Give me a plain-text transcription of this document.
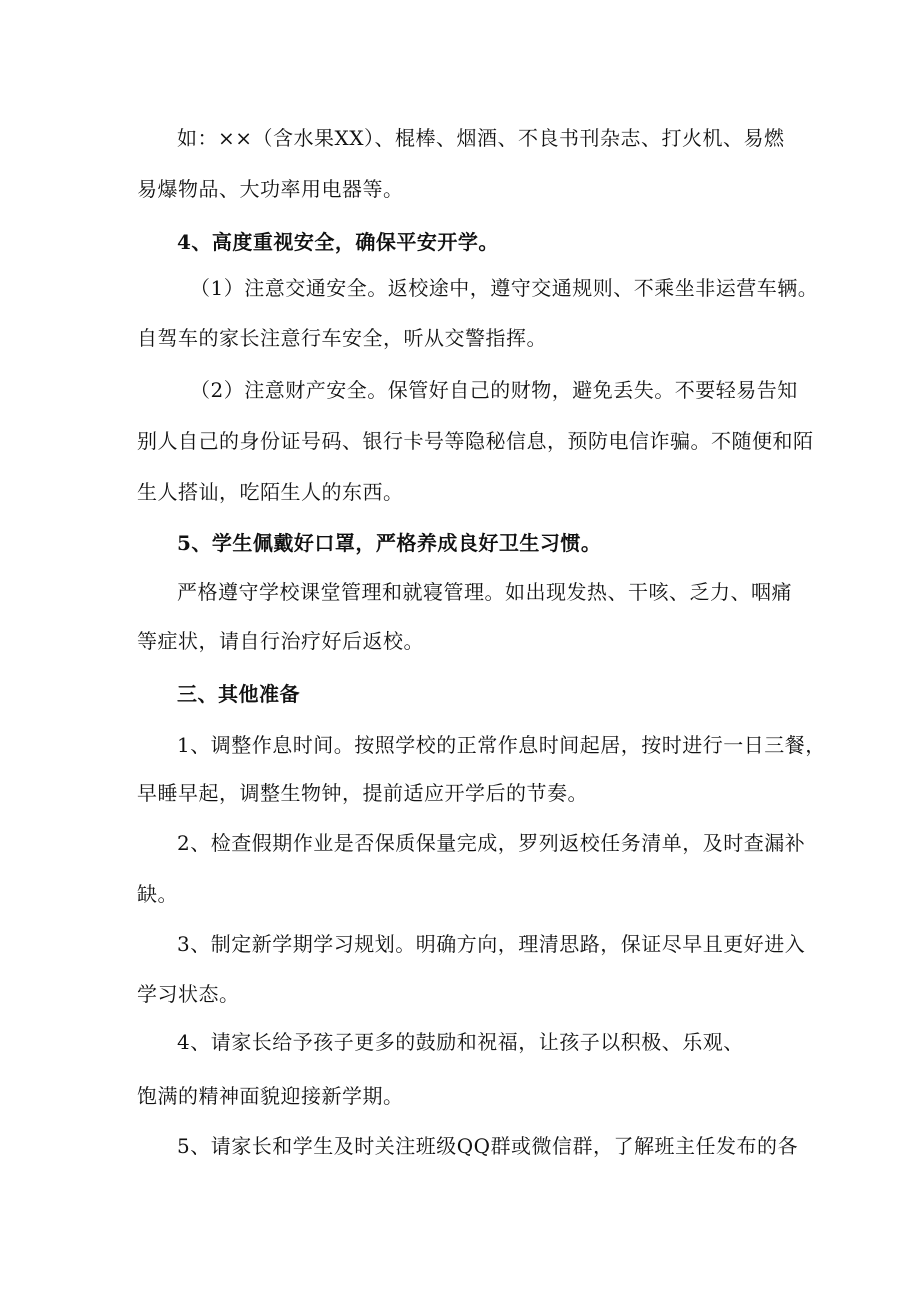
如：××（含水果XX）、棍棒、烟酒、不良书刊杂志、打火机、易燃
易爆物品、大功率用电器等。
4、高度重视安全，确保平安开学。
（1）注意交通安全。返校途中，遵守交通规则、不乘坐非运营车辆。
自驾车的家长注意行车安全，听从交警指挥。
（2）注意财产安全。保管好自己的财物，避免丢失。不要轻易告知
别人自己的身份证号码、银行卡号等隐秘信息，预防电信诈骗。不随便和陌
生人搭讪，吃陌生人的东西。
5、学生佩戴好口罩，严格养成良好卫生习惯。
严格遵守学校课堂管理和就寝管理。如出现发热、干咳、乏力、咽痛
等症状，请自行治疗好后返校。
三、其他准备
1、调整作息时间。按照学校的正常作息时间起居，按时进行一日三餐，
早睡早起，调整生物钟，提前适应开学后的节奏。
2、检查假期作业是否保质保量完成，罗列返校任务清单，及时查漏补
缺。
3、制定新学期学习规划。明确方向，理清思路，保证尽早且更好进入
学习状态。
4、请家长给予孩子更多的鼓励和祝福，让孩子以积极、乐观、
饱满的精神面貌迎接新学期。
5、请家长和学生及时关注班级QQ群或微信群，了解班主任发布的各
